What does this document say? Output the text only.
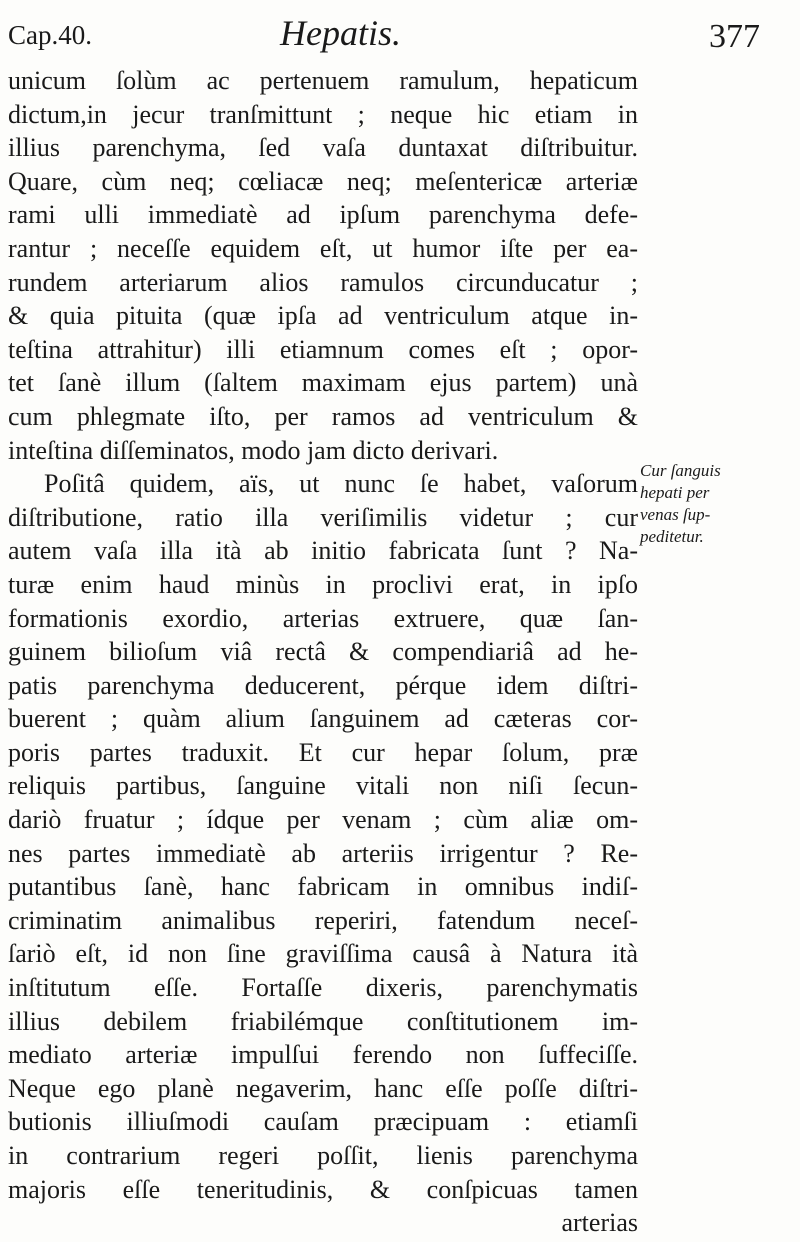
Cap.40.	Hepatis.	377
unicum ſolùm ac pertenuem ramulum, hepaticum
dictum,in jecur tranſmittunt ; neque hic etiam in
illius parenchyma, ſed vaſa duntaxat diſtribuitur.
Quare, cùm neq; cœliacæ neq; meſentericæ arteriæ
rami ulli immediatè ad ipſum parenchyma defe-
rantur ; neceſſe equidem eſt, ut humor iſte per ea-
rundem arteriarum alios ramulos circunducatur ;
& quia pituita (quæ ipſa ad ventriculum atque in-
teſtina attrahitur) illi etiamnum comes eſt ; opor-
tet ſanè illum (ſaltem maximam ejus partem) unà
cum phlegmate iſto, per ramos ad ventriculum &
inteſtina diſſeminatos, modo jam dicto derivari.
Poſitâ quidem, aïs, ut nunc ſe habet, vaſorum
diſtributione, ratio illa veriſimilis videtur ; cur
autem vaſa illa ità ab initio fabricata ſunt ? Na-
turæ enim haud minùs in proclivi erat, in ipſo
formationis exordio, arterias extruere, quæ ſan-
guinem bilioſum viâ rectâ & compendiariâ ad he-
patis parenchyma deducerent, pérque idem diſtri-
buerent ; quàm alium ſanguinem ad cæteras cor-
poris partes traduxit. Et cur hepar ſolum, præ
reliquis partibus, ſanguine vitali non niſi ſecun-
dariò fruatur ; ídque per venam ; cùm aliæ om-
nes partes immediatè ab arteriis irrigentur ? Re-
putantibus ſanè, hanc fabricam in omnibus indiſ-
criminatim animalibus reperiri, fatendum neceſ-
ſariò eſt, id non ſine graviſſima causâ à Natura ità
inſtitutum eſſe. Fortaſſe dixeris, parenchymatis
illius debilem friabilémque conſtitutionem im-
mediato arteriæ impulſui ferendo non ſuffeciſſe.
Neque ego planè negaverim, hanc eſſe poſſe diſtri-
butionis illiuſmodi cauſam præcipuam : etiamſi
in contrarium regeri poſſit, lienis parenchyma
majoris eſſe teneritudinis, & conſpicuas tamen
arterias
Cur ſanguis
hepati per
venas ſup-
peditetur.
